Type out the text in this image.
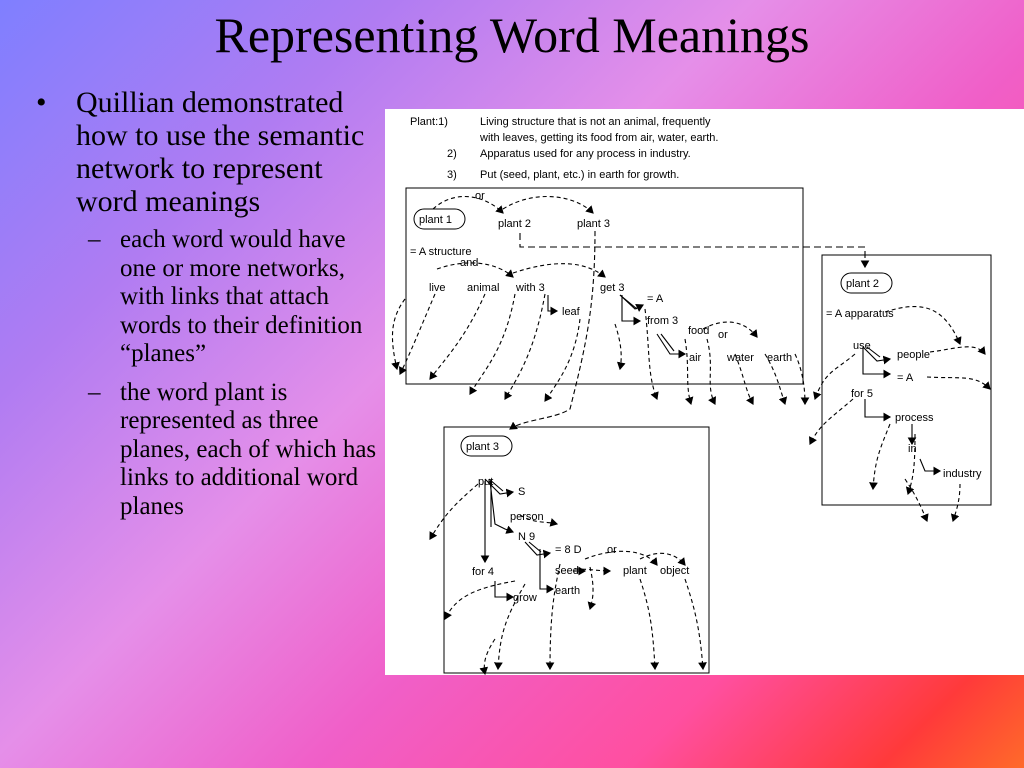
Representing Word Meanings
• Quillian demonstrated how to use the semantic network to represent word meanings
– each word would have one or more networks, with links that attach words to their definition “planes”
– the word plant is represented as three planes, each of which has links to additional word planes
Plant:1)	Living structure that is not an animal, frequently
with leaves, getting its food from air, water, earth.
2) Apparatus used for any process in industry.
3) Put (seed, plant, etc.) in earth for growth.
or
plant 1	plant 2	plant 3
= A structure
and
live animal with 3	get 3
= A
leaf
from 3
food or
air water earth
plant 2
= A apparatus
use
people
= A
for 5
process
in
industry
plant 3
put
S
person
N 9
= 8 D or
for 4	seed	plant object
grow
earth
